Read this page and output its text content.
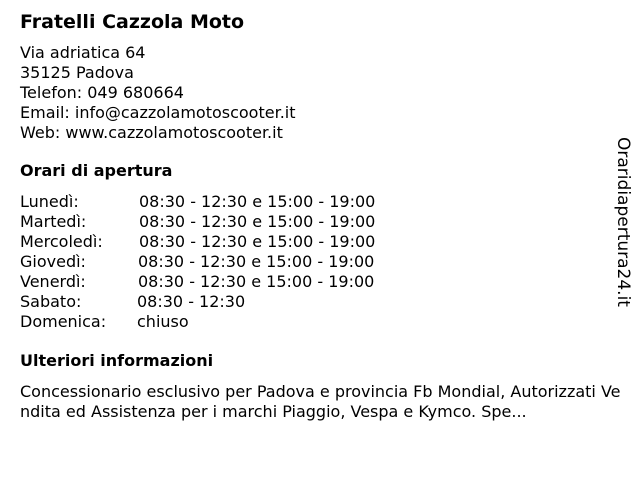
Fratelli Cazzola Moto
Via adriatica 64
35125 Padova
Telefon: 049 680664
Email: info@cazzolamotoscooter.it
Web: www.cazzolamotoscooter.it
Orari di apertura
Lunedì:	08:30 - 12:30 e 15:00 - 19:00
Martedì:	08:30 - 12:30 e 15:00 - 19:00
Mercoledì: 08:30 - 12:30 e 15:00 - 19:00
Giovedì:	08:30 - 12:30 e 15:00 - 19:00
Venerdì:	08:30 - 12:30 e 15:00 - 19:00
Sabato:	08:30 - 12:30
Domenica: chiuso
Ulteriori informazioni
Concessionario esclusivo per Padova e provincia Fb Mondial, Autorizzati Vendita ed Assistenza per i marchi Piaggio, Vespa e Kymco. Spe...
Oraridiapertura24.it
